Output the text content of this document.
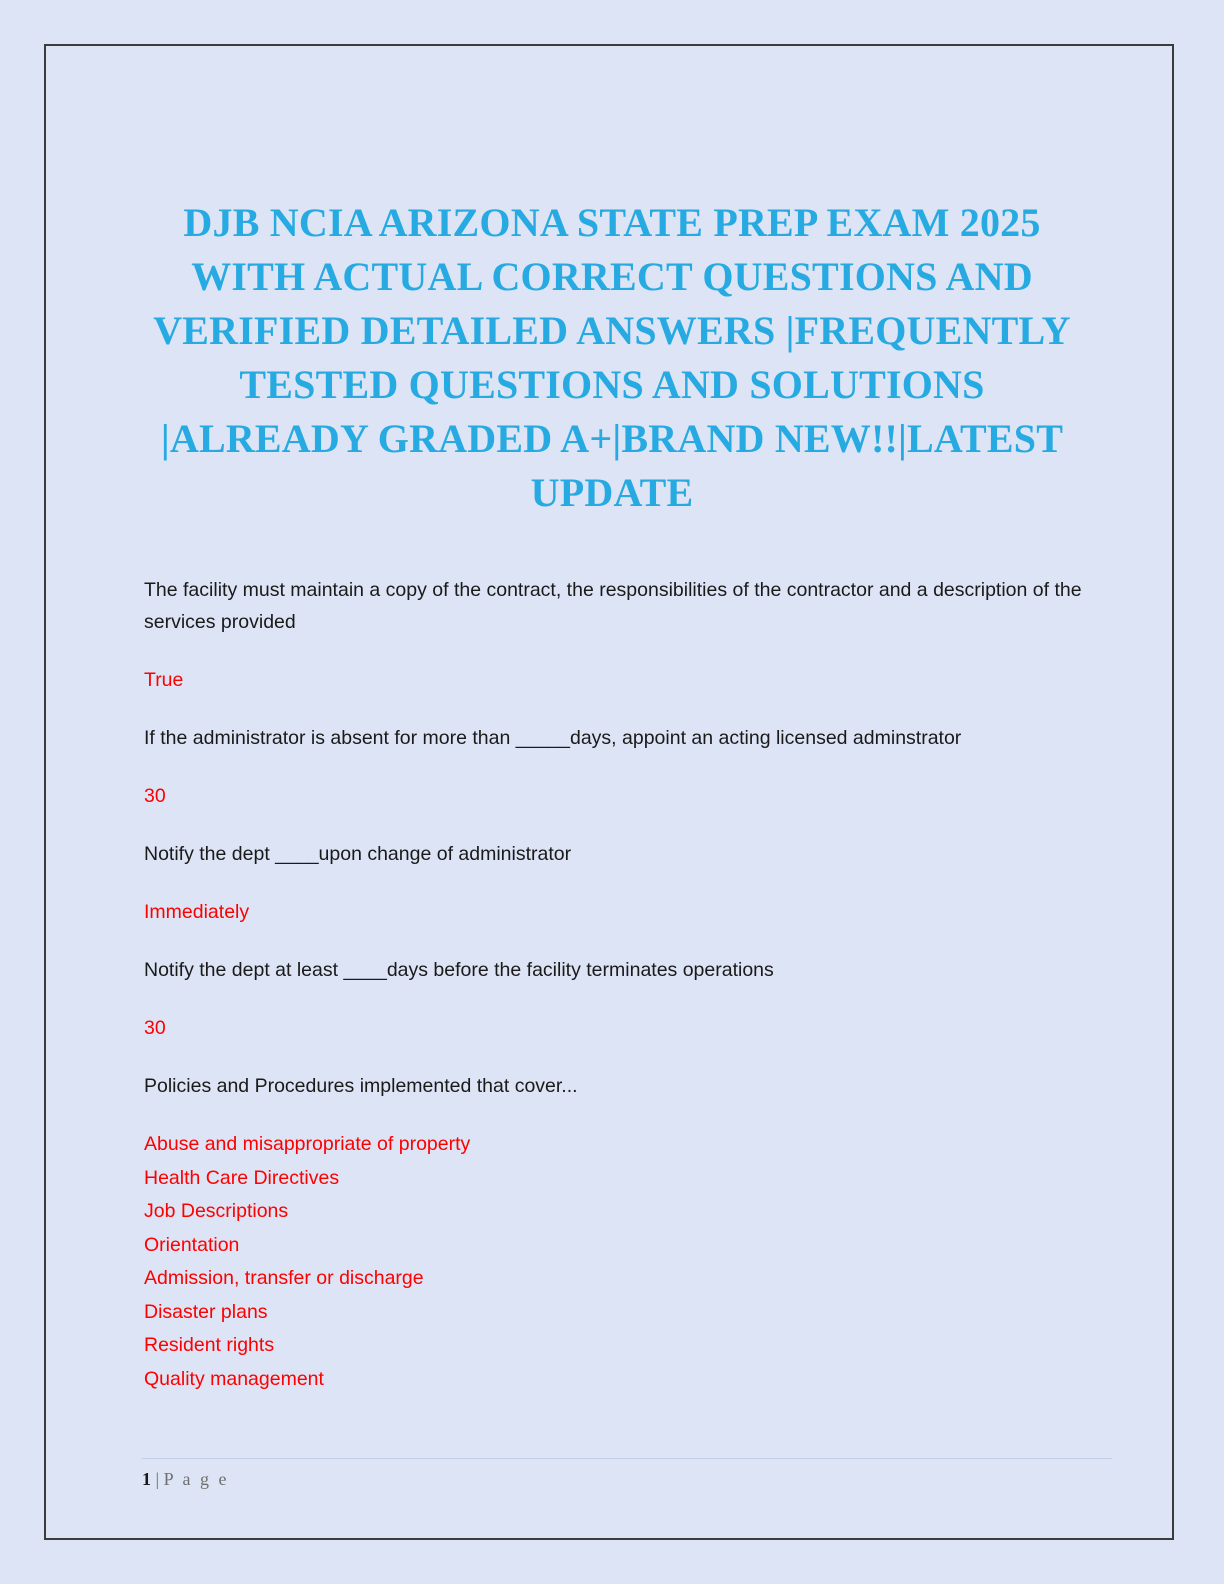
DJB NCIA ARIZONA STATE PREP EXAM 2025 WITH ACTUAL CORRECT QUESTIONS AND VERIFIED DETAILED ANSWERS |FREQUENTLY TESTED QUESTIONS AND SOLUTIONS |ALREADY GRADED A+|BRAND NEW!!|LATEST UPDATE

The facility must maintain a copy of the contract, the responsibilities of the contractor and a description of the services provided

True

If the administrator is absent for more than _____days, appoint an acting licensed adminstrator

30

Notify the dept ____upon change of administrator

Immediately

Notify the dept at least ____days before the facility terminates operations

30

Policies and Procedures implemented that cover...

Abuse and misappropriate of property
Health Care Directives
Job Descriptions
Orientation
Admission, transfer or discharge
Disaster plans
Resident rights
Quality management
1 | P a g e
